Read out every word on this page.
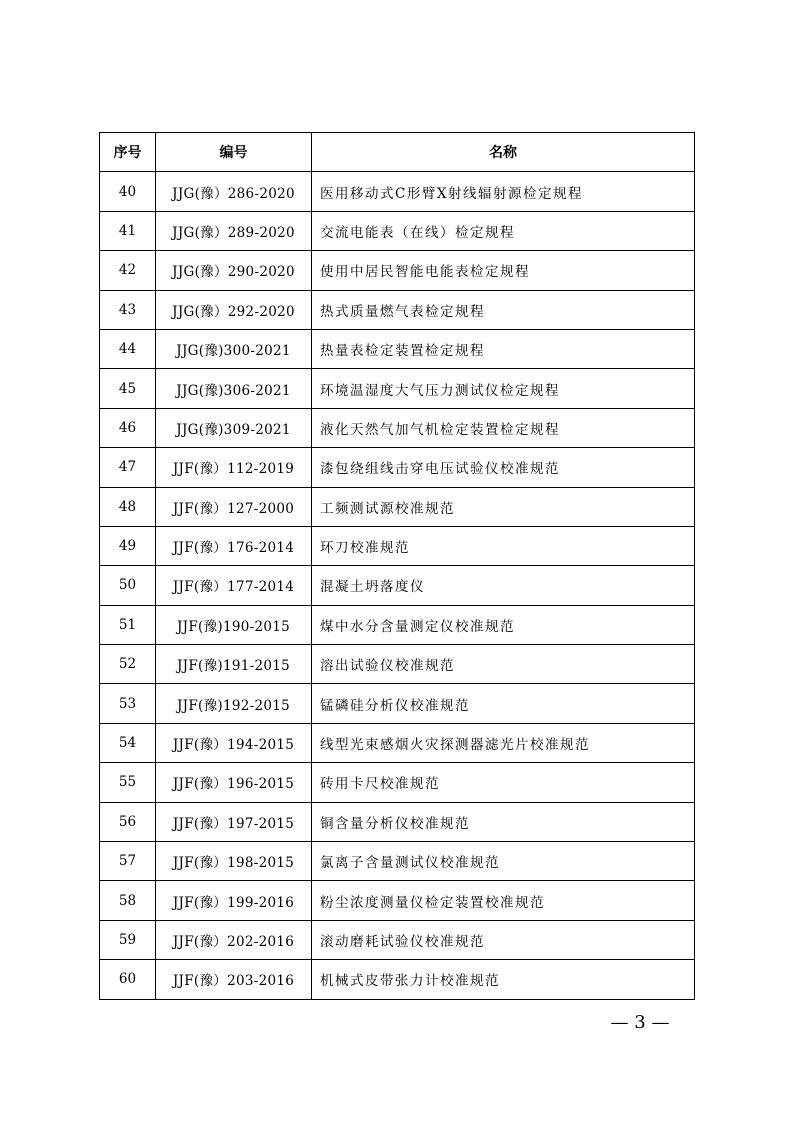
序号	编号	名称
40	JJG(豫）286-2020	医用移动式C形臂X射线辐射源检定规程
41	JJG(豫）289-2020	交流电能表（在线）检定规程
42	JJG(豫）290-2020	使用中居民智能电能表检定规程
43	JJG(豫）292-2020	热式质量燃气表检定规程
44	JJG(豫)300-2021	热量表检定装置检定规程
45	JJG(豫)306-2021	环境温湿度大气压力测试仪检定规程
46	JJG(豫)309-2021	液化天然气加气机检定装置检定规程
47	JJF(豫）112-2019	漆包绕组线击穿电压试验仪校准规范
48	JJF(豫）127-2000	工频测试源校准规范
49	JJF(豫）176-2014	环刀校准规范
50	JJF(豫）177-2014	混凝土坍落度仪
51	JJF(豫)190-2015	煤中水分含量测定仪校准规范
52	JJF(豫)191-2015	溶出试验仪校准规范
53	JJF(豫)192-2015	锰磷硅分析仪校准规范
54	JJF(豫）194-2015	线型光束感烟火灾探测器滤光片校准规范
55	JJF(豫）196-2015	砖用卡尺校准规范
56	JJF(豫）197-2015	铜含量分析仪校准规范
57	JJF(豫）198-2015	氯离子含量测试仪校准规范
58	JJF(豫）199-2016	粉尘浓度测量仪检定装置校准规范
59	JJF(豫）202-2016	滚动磨耗试验仪校准规范
60	JJF(豫）203-2016	机械式皮带张力计校准规范
— 3 —
